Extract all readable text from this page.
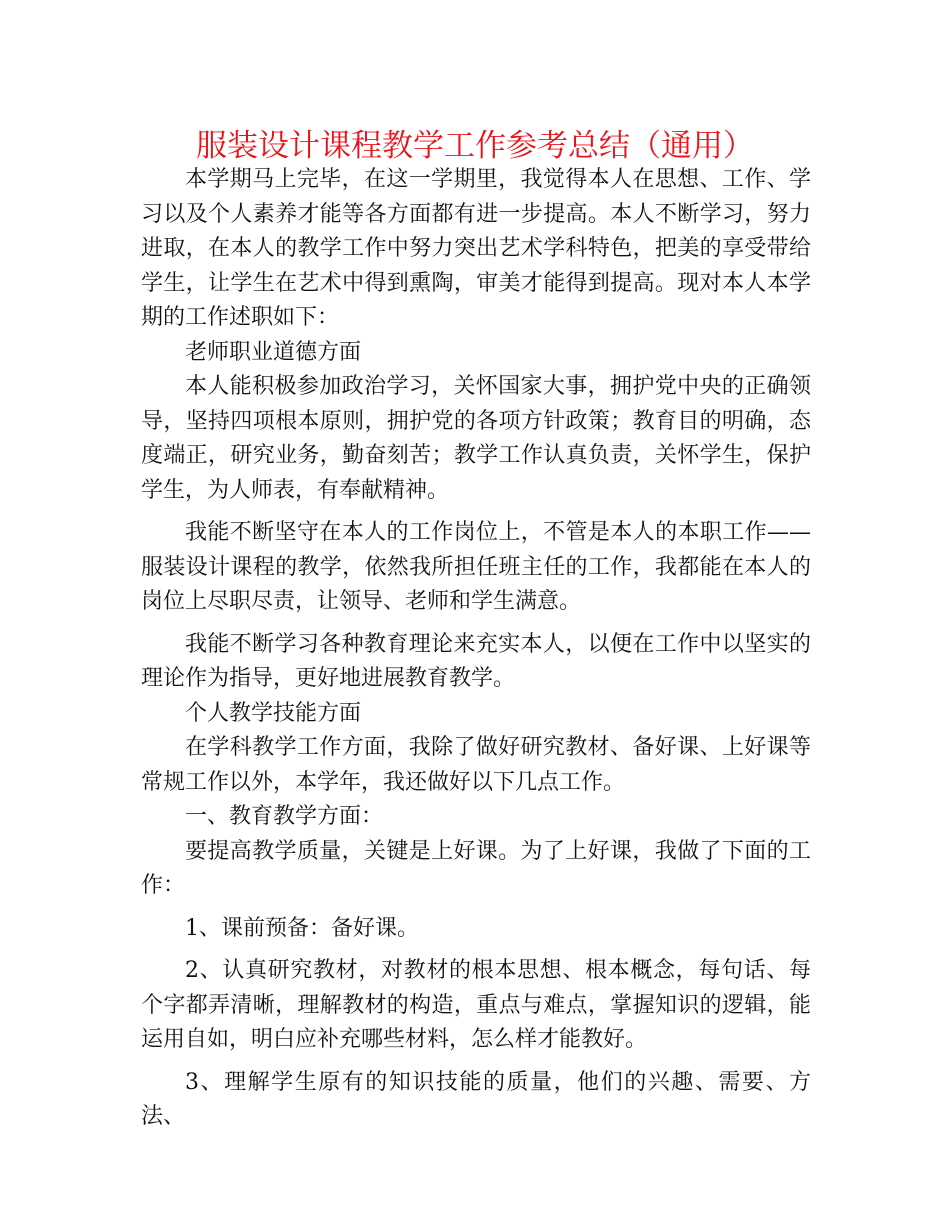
服装设计课程教学工作参考总结（通用）

本学期马上完毕，在这一学期里，我觉得本人在思想、工作、学习以及个人素养才能等各方面都有进一步提高。本人不断学习，努力进取，在本人的教学工作中努力突出艺术学科特色，把美的享受带给学生，让学生在艺术中得到熏陶，审美才能得到提高。现对本人本学期的工作述职如下：

老师职业道德方面

本人能积极参加政治学习，关怀国家大事，拥护党中央的正确领导，坚持四项根本原则，拥护党的各项方针政策；教育目的明确，态度端正，研究业务，勤奋刻苦；教学工作认真负责，关怀学生，保护学生，为人师表，有奉献精神。

我能不断坚守在本人的工作岗位上，不管是本人的本职工作——服装设计课程的教学，依然我所担任班主任的工作，我都能在本人的岗位上尽职尽责，让领导、老师和学生满意。

我能不断学习各种教育理论来充实本人，以便在工作中以坚实的理论作为指导，更好地进展教育教学。

个人教学技能方面

在学科教学工作方面，我除了做好研究教材、备好课、上好课等常规工作以外，本学年，我还做好以下几点工作。

一、教育教学方面：

要提高教学质量，关键是上好课。为了上好课，我做了下面的工作：

1、课前预备：备好课。

2、认真研究教材，对教材的根本思想、根本概念，每句话、每个字都弄清晰，理解教材的构造，重点与难点，掌握知识的逻辑，能运用自如，明白应补充哪些材料，怎么样才能教好。

3、理解学生原有的知识技能的质量，他们的兴趣、需要、方法、
